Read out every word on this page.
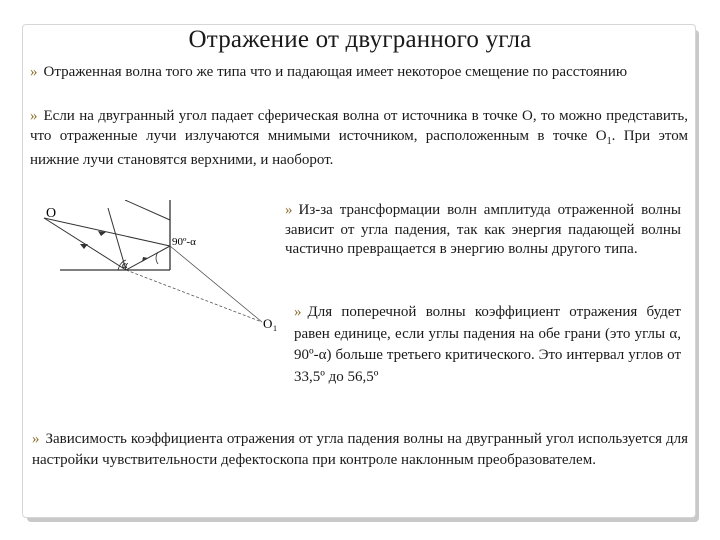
Отражение от двугранного угла
» Отраженная волна того же типа что и падающая имеет некоторое смещение по расстоянию
» Если на двугранный угол падает сферическая волна от источника в точке O, то можно представить, что отраженные лучи излучаются мнимыми источником, расположенным в точке $O_1$. При этом нижние лучи становятся верхними, и наоборот.
O
90º-α
α
O 1
» Из-за трансформации волн амплитуда отраженной волны зависит от угла падения, так как энергия падающей волны частично превращается в энергию волны другого типа.
» Для поперечной волны коэффициент отражения будет равен единице, если углы падения на обе грани (это углы α, 90º-α) больше третьего критического. Это интервал углов от 33,5º до 56,5º
» Зависимость коэффициента отражения от угла падения волны на двугранный угол используется для настройки чувствительности дефектоскопа при контроле наклонным преобразователем.
